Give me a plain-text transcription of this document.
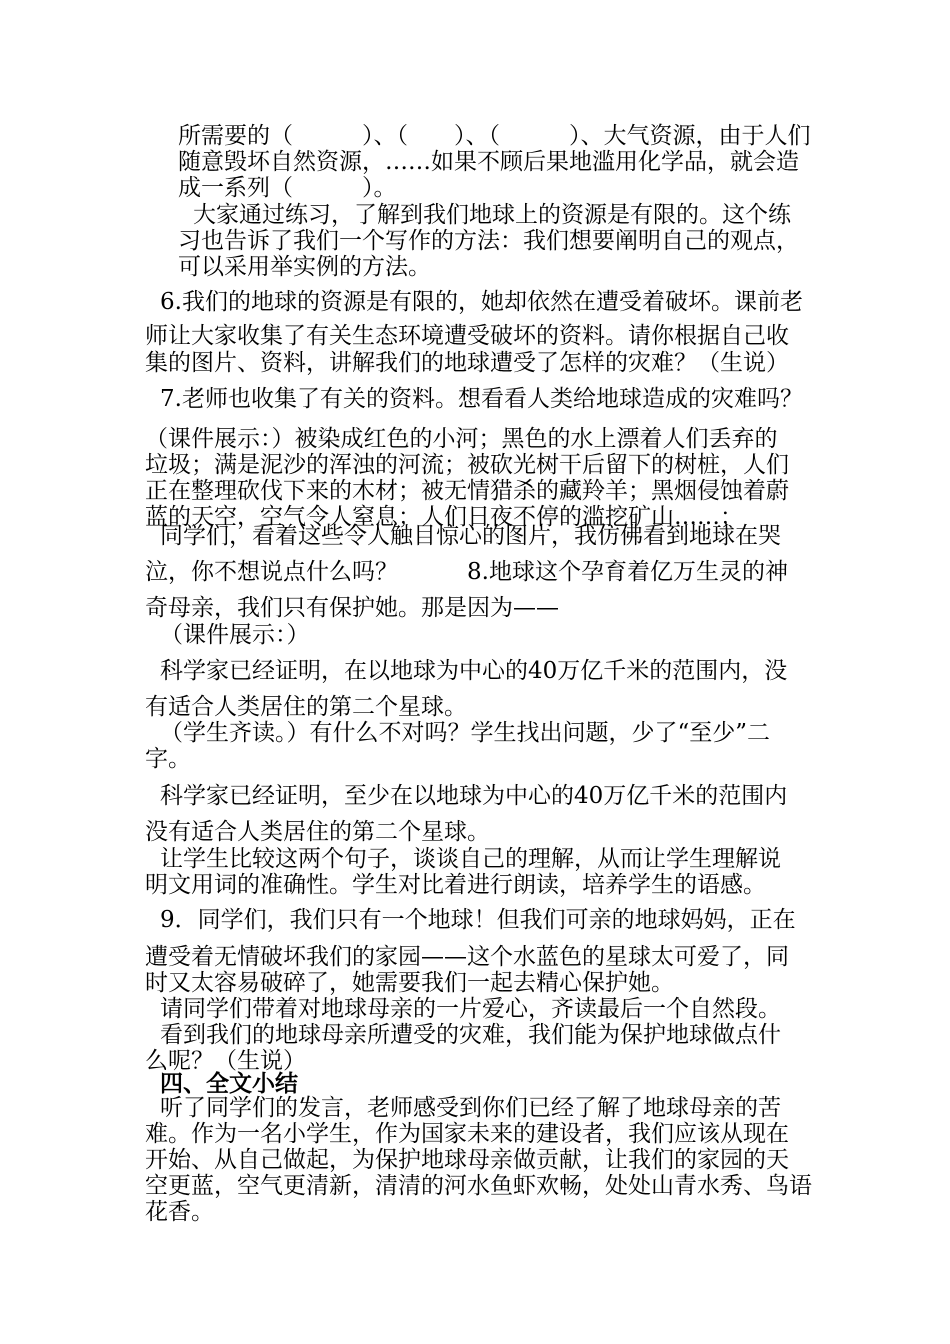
所需要的（　　　）、（　　）、（　　　）、大气资源，由于人们
随意毁坏自然资源，……如果不顾后果地滥用化学品，就会造
成一系列（　　　）。
大家通过练习，了解到我们地球上的资源是有限的。这个练
习也告诉了我们一个写作的方法：我们想要阐明自己的观点，
可以采用举实例的方法。
6.我们的地球的资源是有限的，她却依然在遭受着破坏。课前老
师让大家收集了有关生态环境遭受破坏的资料。请你根据自己收
集的图片、资料，讲解我们的地球遭受了怎样的灾难？（生说）
7.老师也收集了有关的资料。想看看人类给地球造成的灾难吗？
（课件展示：）被染成红色的小河；黑色的水上漂着人们丢弃的
垃圾；满是泥沙的浑浊的河流；被砍光树干后留下的树桩，人们
正在整理砍伐下来的木材；被无情猎杀的藏羚羊；黑烟侵蚀着蔚
蓝的天空，空气令人窒息；人们日夜不停的滥挖矿山……；
同学们，看着这些令人触目惊心的图片，我仿佛看到地球在哭
泣，你不想说点什么吗？　　　8.地球这个孕育着亿万生灵的神
奇母亲，我们只有保护她。那是因为——
（课件展示：）
科学家已经证明，在以地球为中心的40万亿千米的范围内，没
有适合人类居住的第二个星球。
（学生齐读。）有什么不对吗？学生找出问题，少了“至少”二
字。
科学家已经证明，至少在以地球为中心的40万亿千米的范围内
没有适合人类居住的第二个星球。
让学生比较这两个句子，谈谈自己的理解，从而让学生理解说
明文用词的准确性。学生对比着进行朗读，培养学生的语感。
9．同学们，我们只有一个地球！但我们可亲的地球妈妈，正在
遭受着无情破坏我们的家园——这个水蓝色的星球太可爱了，同
时又太容易破碎了，她需要我们一起去精心保护她。
请同学们带着对地球母亲的一片爱心，齐读最后一个自然段。
看到我们的地球母亲所遭受的灾难，我们能为保护地球做点什
么呢？（生说）
四、全文小结
听了同学们的发言，老师感受到你们已经了解了地球母亲的苦
难。作为一名小学生，作为国家未来的建设者，我们应该从现在
开始、从自己做起，为保护地球母亲做贡献，让我们的家园的天
空更蓝，空气更清新，清清的河水鱼虾欢畅，处处山青水秀、鸟语
花香。
